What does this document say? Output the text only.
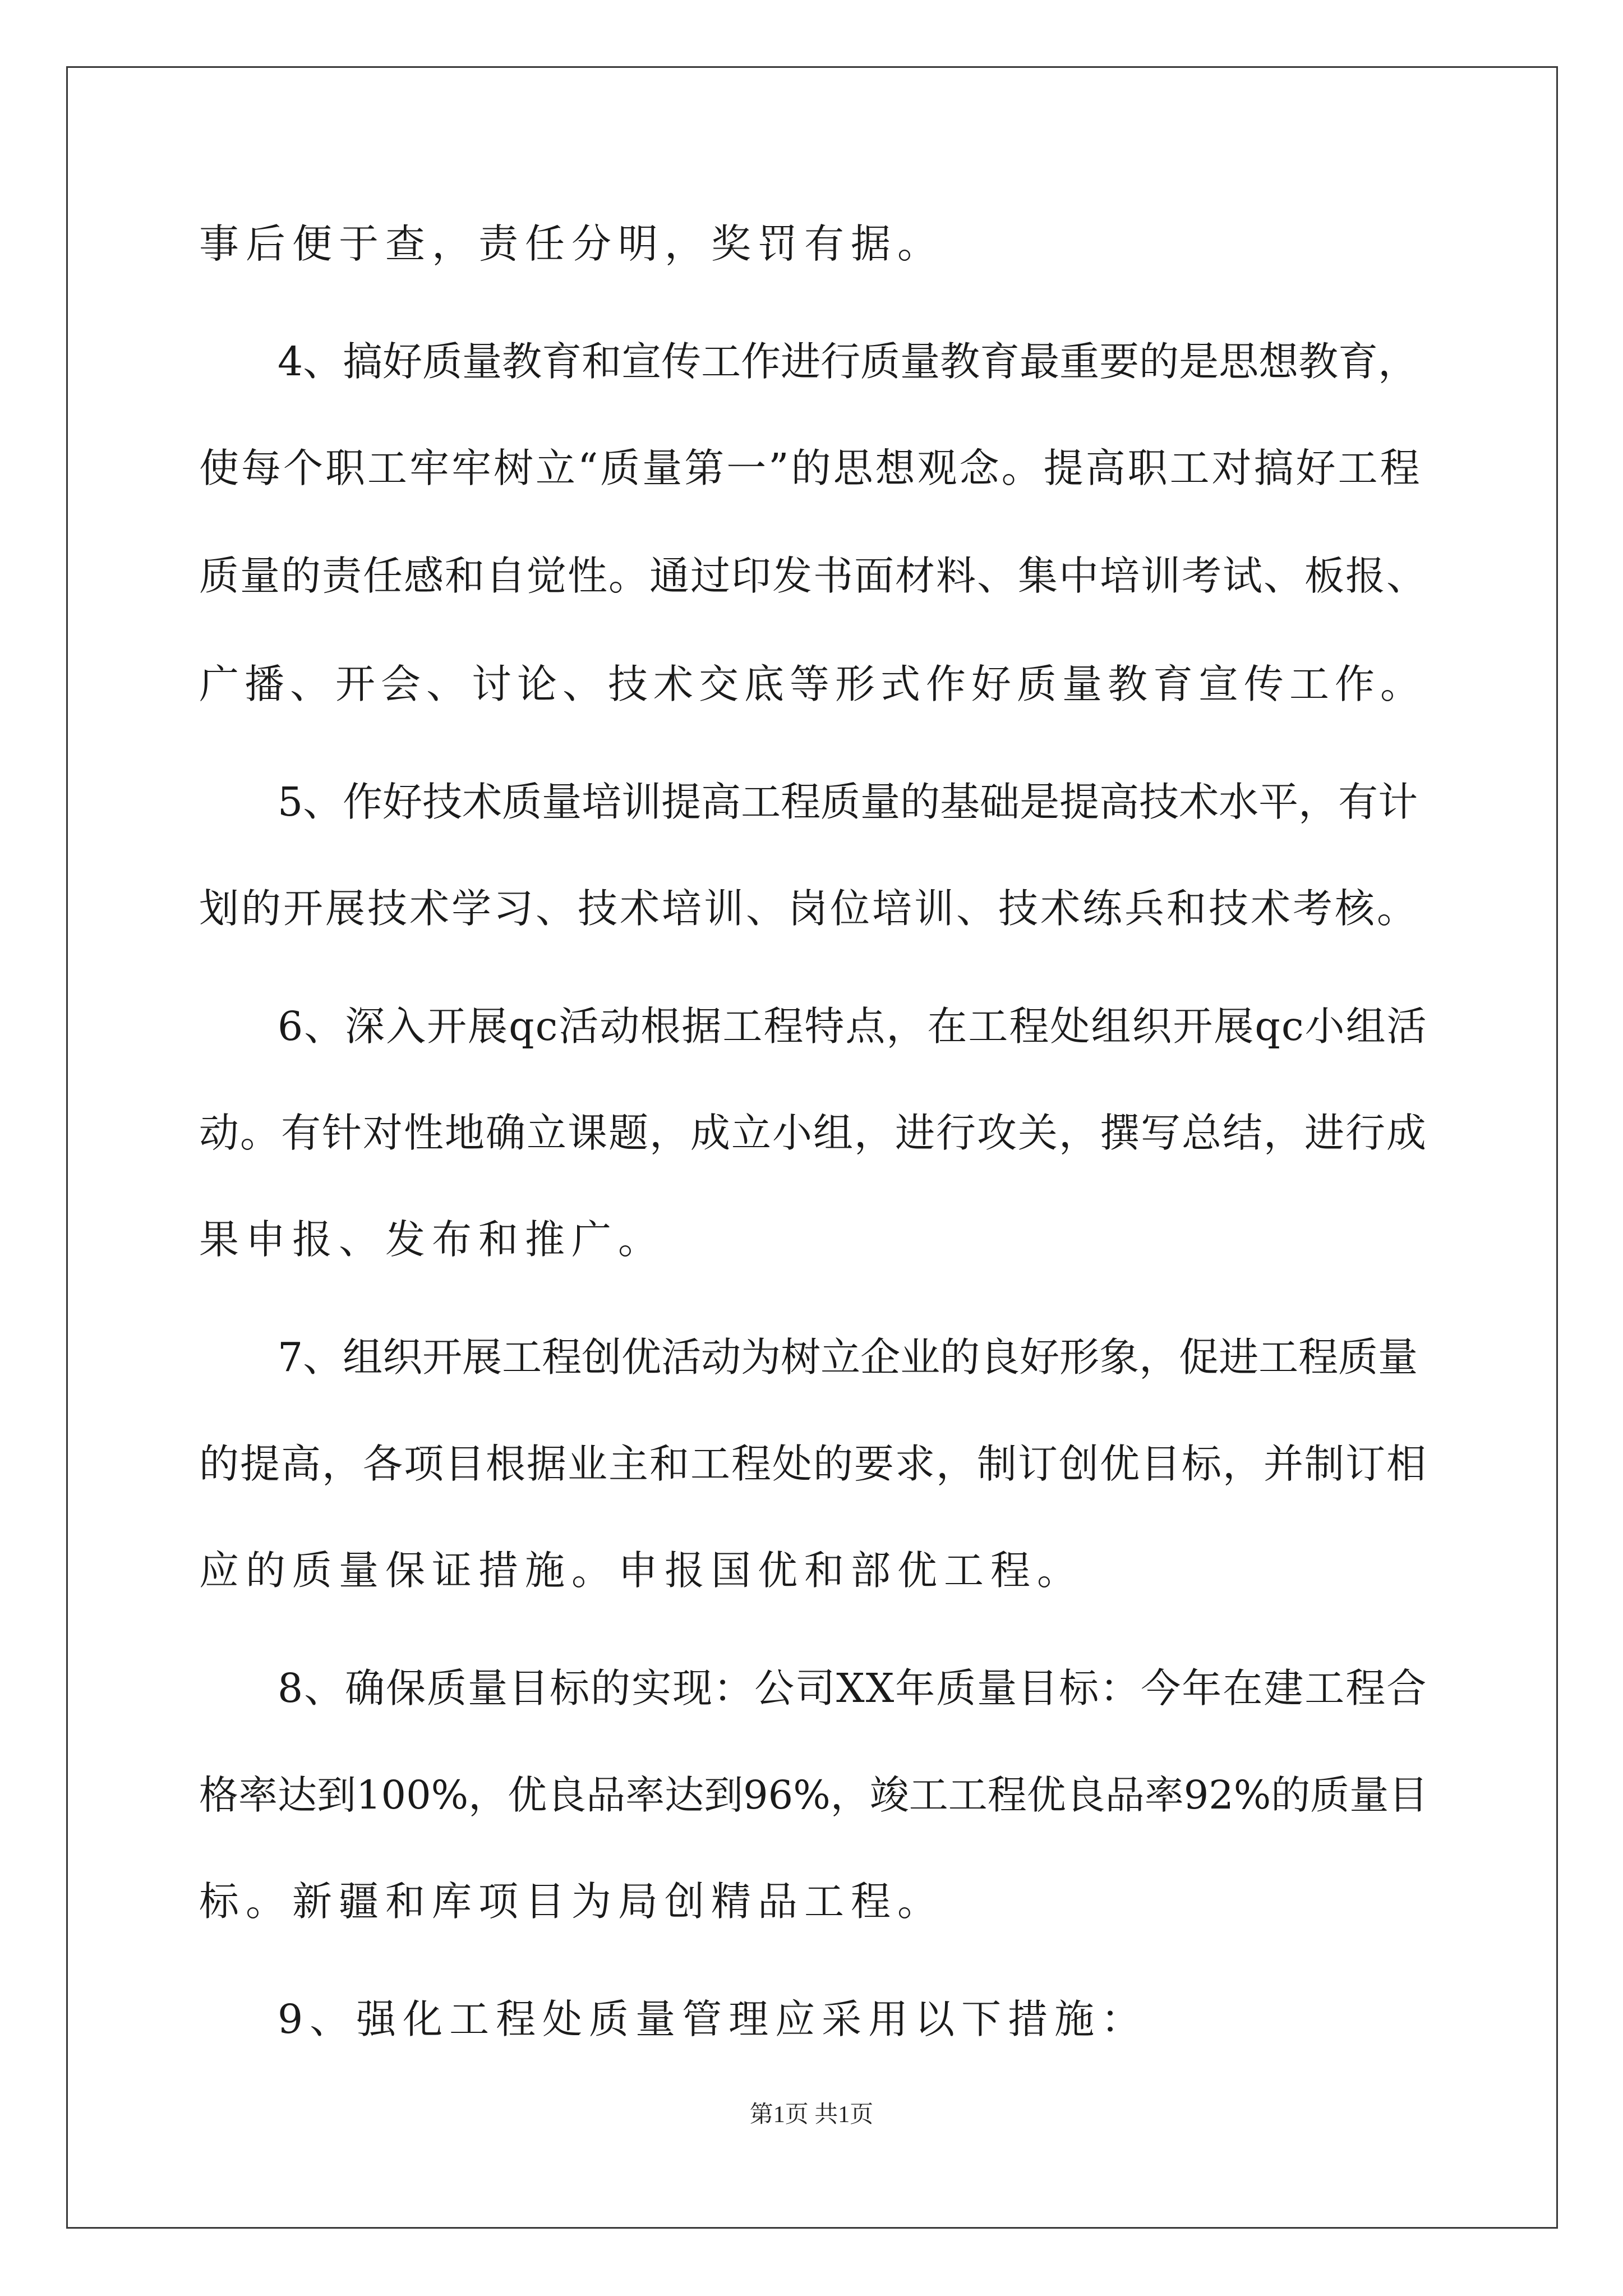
事后便于查，责任分明，奖罚有据。
4、搞好质量教育和宣传工作进行质量教育最重要的是思想教育，
使每个职工牢牢树立“质量第一”的思想观念。提高职工对搞好工程
质量的责任感和自觉性。通过印发书面材料、集中培训考试、板报、
广播、开会、讨论、技术交底等形式作好质量教育宣传工作。
5、作好技术质量培训提高工程质量的基础是提高技术水平，有计
划的开展技术学习、技术培训、岗位培训、技术练兵和技术考核。
6、深入开展qc活动根据工程特点，在工程处组织开展qc小组活
动。有针对性地确立课题，成立小组，进行攻关，撰写总结，进行成
果申报、发布和推广。
7、组织开展工程创优活动为树立企业的良好形象，促进工程质量
的提高，各项目根据业主和工程处的要求，制订创优目标，并制订相
应的质量保证措施。申报国优和部优工程。
8、确保质量目标的实现：公司XX年质量目标：今年在建工程合
格率达到100%，优良品率达到96%，竣工工程优良品率92%的质量目
标。新疆和库项目为局创精品工程。
9、强化工程处质量管理应采用以下措施：
第1页 共1页
